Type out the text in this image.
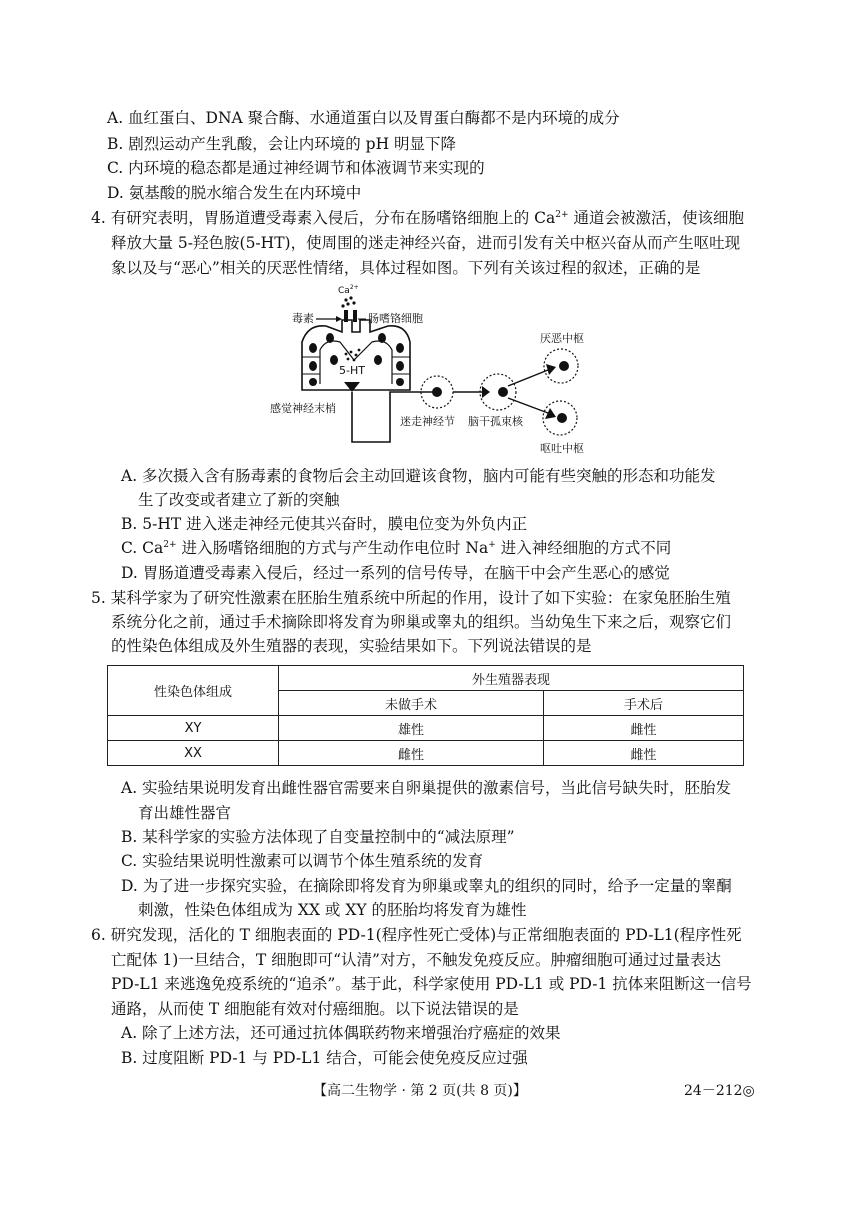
A. 血红蛋白、DNA 聚合酶、水通道蛋白以及胃蛋白酶都不是内环境的成分
B. 剧烈运动产生乳酸，会让内环境的 pH 明显下降
C. 内环境的稳态都是通过神经调节和体液调节来实现的
D. 氨基酸的脱水缩合发生在内环境中
4. 有研究表明，胃肠道遭受毒素入侵后，分布在肠嗜铬细胞上的 $Ca^{2+}$ 通道会被激活，使该细胞
释放大量 5-羟色胺(5-HT)，使周围的迷走神经兴奋，进而引发有关中枢兴奋从而产生呕吐现
象以及与“恶心”相关的厌恶性情绪，具体过程如图。下列有关该过程的叙述，正确的是
$Ca^{2+}$
毒素	肠嗜铬细胞
5-HT
感觉神经末梢
迷走神经节 脑干孤束核
厌恶中枢
呕吐中枢
A. 多次摄入含有肠毒素的食物后会主动回避该食物，脑内可能有些突触的形态和功能发
生了改变或者建立了新的突触
B. 5-HT 进入迷走神经元使其兴奋时，膜电位变为外负内正
C. $Ca^{2+}$ 进入肠嗜铬细胞的方式与产生动作电位时 Na+ 进入神经细胞的方式不同
D. 胃肠道遭受毒素入侵后，经过一系列的信号传导，在脑干中会产生恶心的感觉
5. 某科学家为了研究性激素在胚胎生殖系统中所起的作用，设计了如下实验：在家兔胚胎生殖
系统分化之前，通过手术摘除即将发育为卵巢或睾丸的组织。当幼兔生下来之后，观察它们
的性染色体组成及外生殖器的表现，实验结果如下。下列说法错误的是
性染色体组成	外生殖器表现	
	未做手术	手术后
XY	雄性	雌性
XX	雌性	雌性
A. 实验结果说明发育出雌性器官需要来自卵巢提供的激素信号，当此信号缺失时，胚胎发
育出雄性器官
B. 某科学家的实验方法体现了自变量控制中的“减法原理”
C. 实验结果说明性激素可以调节个体生殖系统的发育
D. 为了进一步探究实验，在摘除即将发育为卵巢或睾丸的组织的同时，给予一定量的睾酮
刺激，性染色体组成为 XX 或 XY 的胚胎均将发育为雄性
6. 研究发现，活化的 T 细胞表面的 PD-1(程序性死亡受体)与正常细胞表面的 PD-L1(程序性死
亡配体 1)一旦结合，T 细胞即可“认清”对方，不触发免疫反应。肿瘤细胞可通过过量表达
PD-L1 来逃逸免疫系统的“追杀”。基于此，科学家使用 PD-L1 或 PD-1 抗体来阻断这一信号
通路，从而使 T 细胞能有效对付癌细胞。以下说法错误的是
A. 除了上述方法，还可通过抗体偶联药物来增强治疗癌症的效果
B. 过度阻断 PD-1 与 PD-L1 结合，可能会使免疫反应过强
【高二生物学 · 第 2 页(共 8 页)】	24－212◎
